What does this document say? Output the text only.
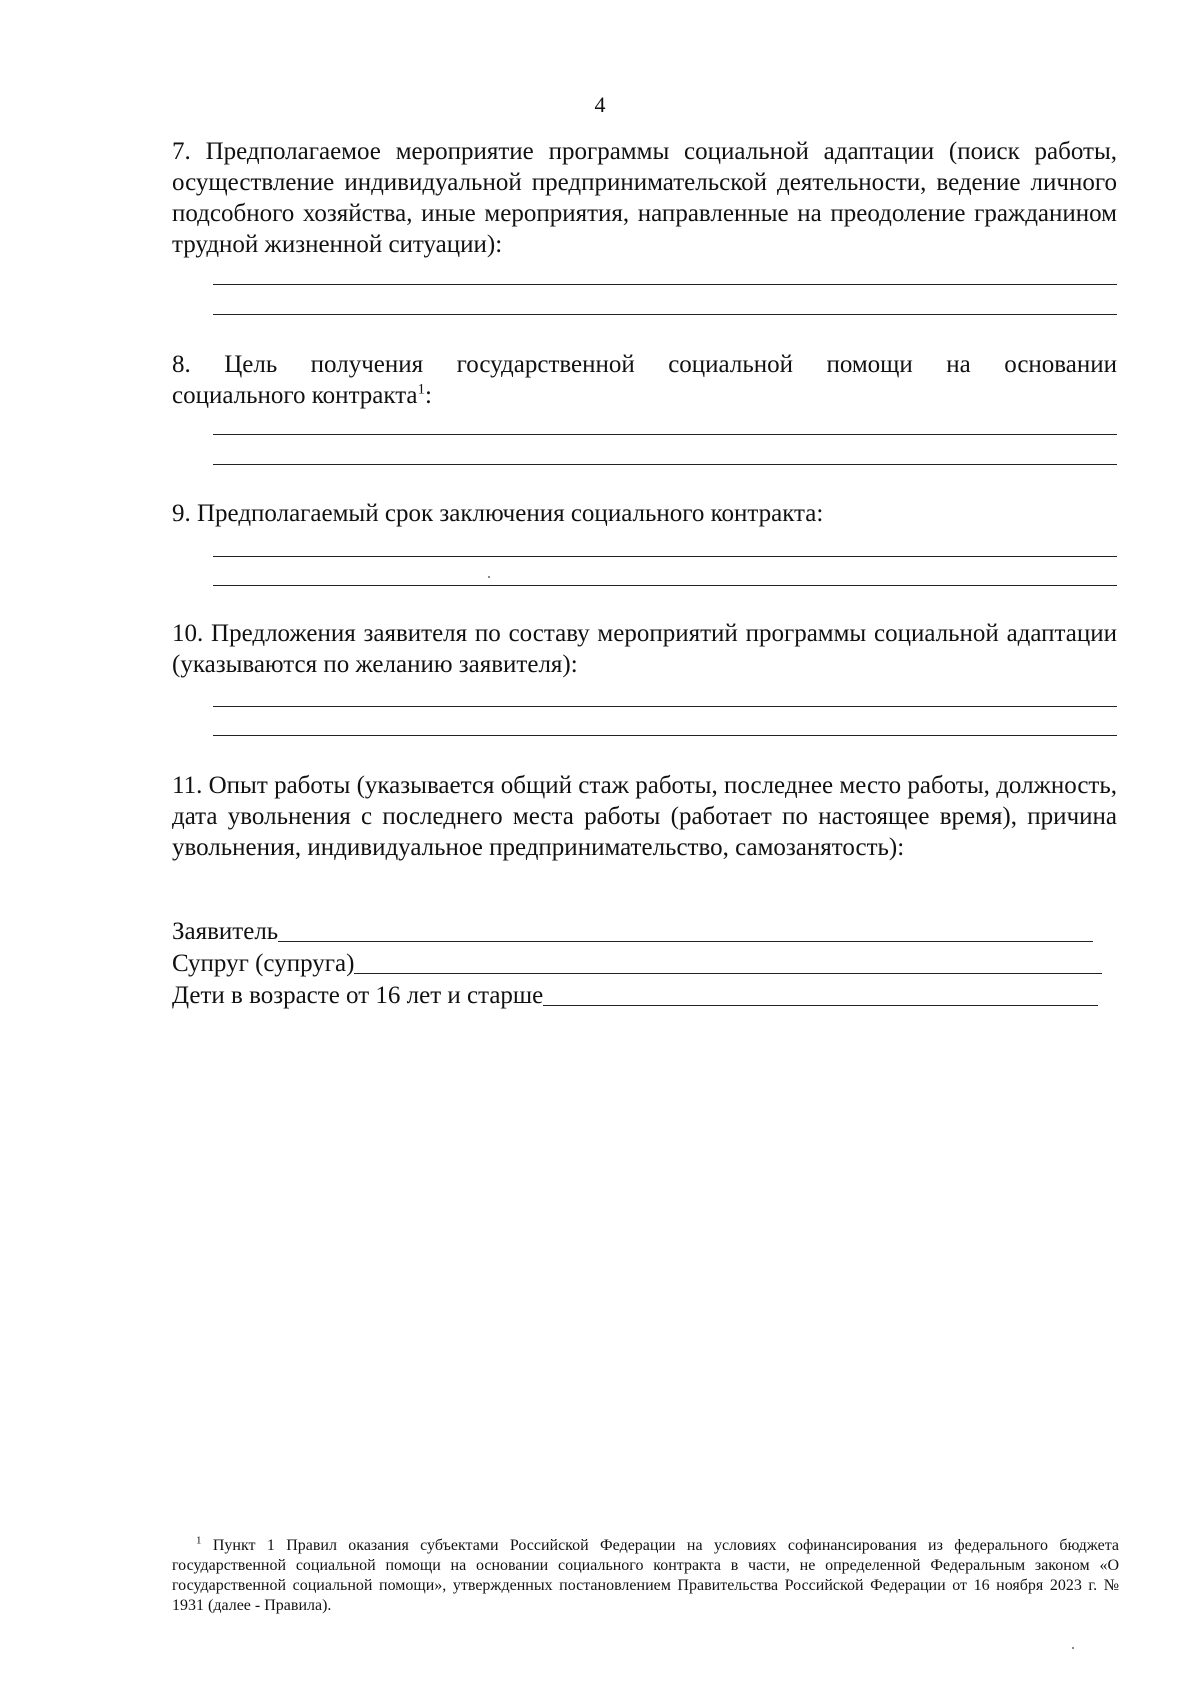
4
7. Предполагаемое мероприятие программы социальной адаптации (поиск работы, осуществление индивидуальной предпринимательской деятельности, ведение личного подсобного хозяйства, иные мероприятия, направленные на преодоление гражданином трудной жизненной ситуации):
8. Цель получения государственной социальной помощи на основании
социального контракта$^1$:
9. Предполагаемый срок заключения социального контракта:
10. Предложения заявителя по составу мероприятий программы социальной адаптации (указываются по желанию заявителя):
11. Опыт работы (указывается общий стаж работы, последнее место работы, должность, дата увольнения с последнего места работы (работает по настоящее время), причина увольнения, индивидуальное предпринимательство, самозанятость):
Заявитель
Супруг (супруга)
Дети в возрасте от 16 лет и старше
$^1$ Пункт 1 Правил оказания субъектами Российской Федерации на условиях софинансирования из федерального бюджета государственной социальной помощи на основании социального контракта в части, не определенной Федеральным законом «О государственной социальной помощи», утвержденных постановлением Правительства Российской Федерации от 16 ноября 2023 г. № 1931 (далее - Правила).
